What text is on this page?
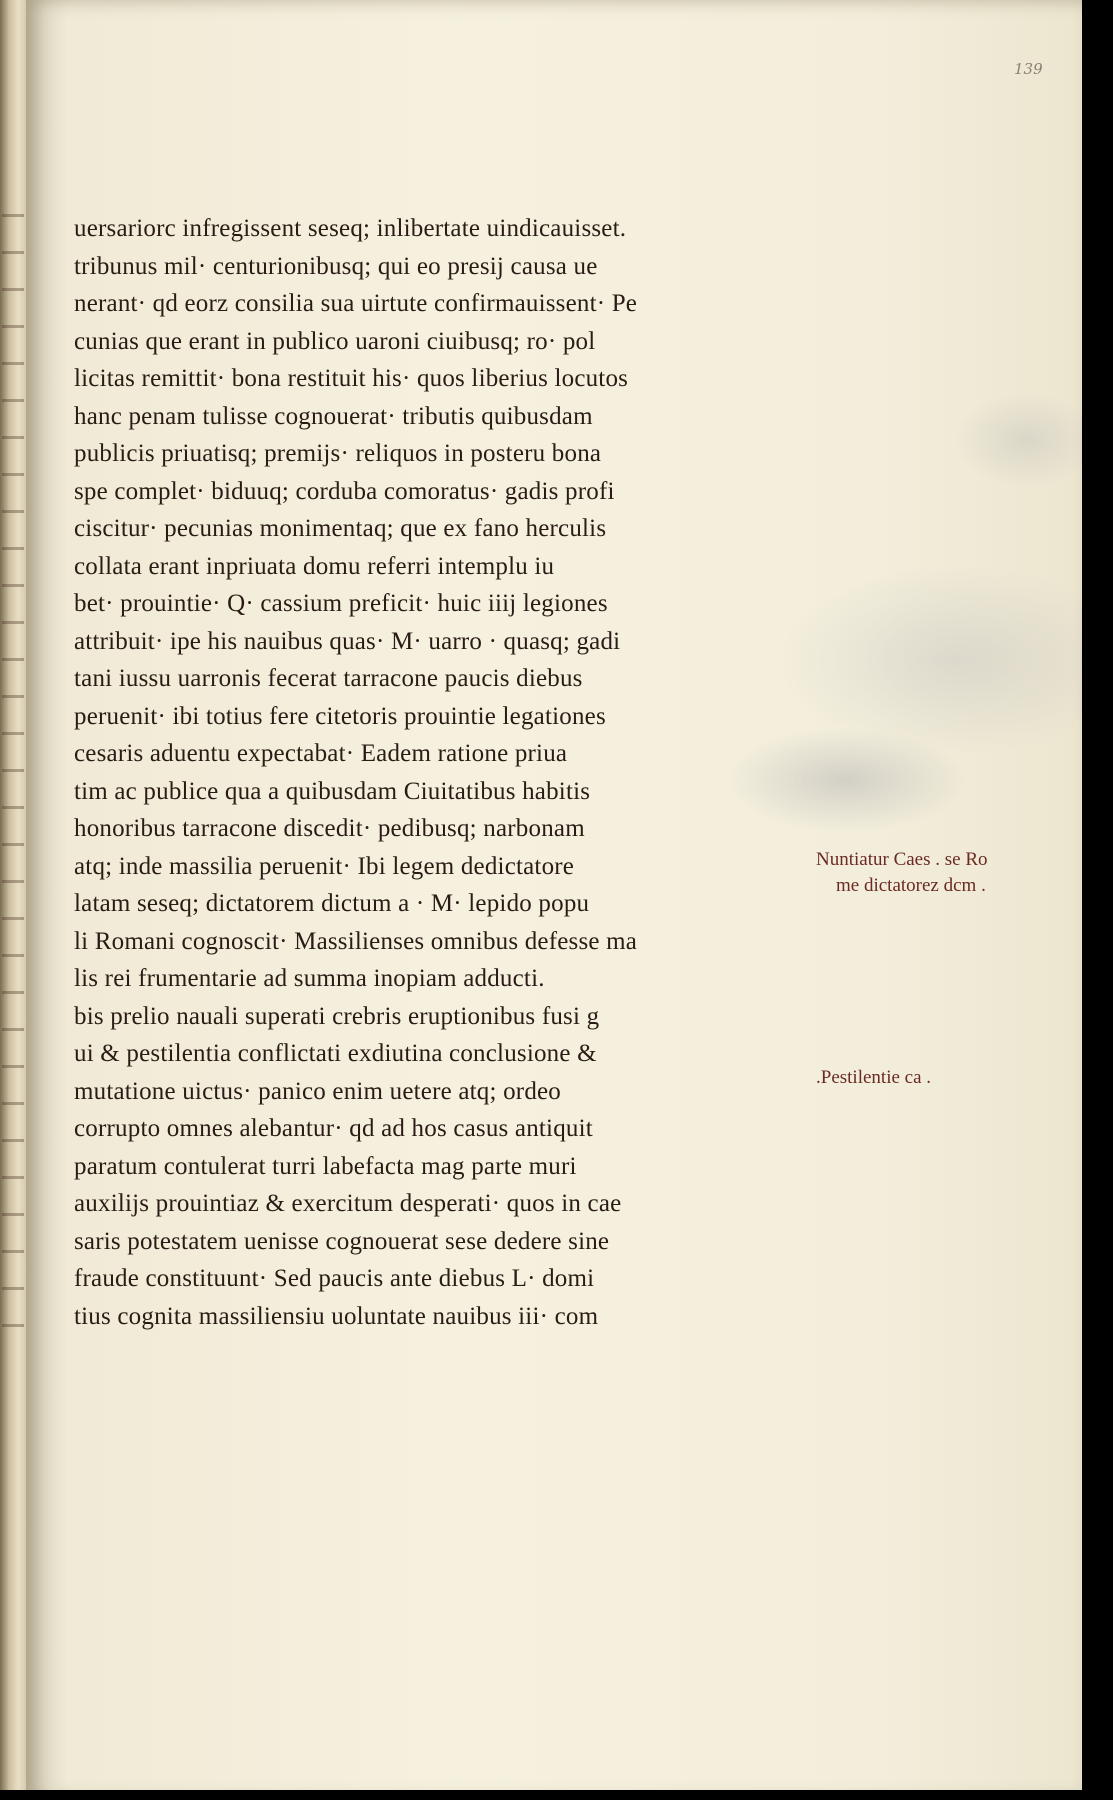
139
uersariorc infregissent seseq; inlibertate uindicauisset.
tribunus mil· centurionibusq; qui eo presij causa ue
nerant· qd eorz consilia sua uirtute confirmauissent· Pe
cunias que erant in publico uaroni ciuibusq; ro· pol
licitas remittit· bona restituit his· quos liberius locutos
hanc penam tulisse cognouerat· tributis quibusdam
publicis priuatisq; premijs· reliquos in posteru bona
spe complet· biduuq; corduba comoratus· gadis profi
ciscitur· pecunias monimentaq; que ex fano herculis
collata erant inpriuata domu referri intemplu iu
bet· prouintie· Q· cassium preficit· huic iiij legiones
attribuit· ipe his nauibus quas· M· uarro · quasq; gadi
tani iussu uarronis fecerat tarracone paucis diebus
peruenit· ibi totius fere citetoris prouintie legationes
cesaris aduentu expectabat· Eadem ratione priua
tim ac publice qua a quibusdam Ciuitatibus habitis
honoribus tarracone discedit· pedibusq; narbonam
atq; inde massilia peruenit· Ibi legem dedictatore
latam seseq; dictatorem dictum a · M· lepido popu
li Romani cognoscit· Massilienses omnibus defesse ma
lis rei frumentarie ad summa inopiam adducti.
bis prelio nauali superati crebris eruptionibus fusi g
ui & pestilentia conflictati exdiutina conclusione &
mutatione uictus· panico enim uetere atq; ordeo
corrupto omnes alebantur· qd ad hos casus antiquit
paratum contulerat turri labefacta mag parte muri
auxilijs prouintiaz & exercitum desperati· quos in cae
saris potestatem uenisse cognouerat sese dedere sine
fraude constituunt· Sed paucis ante diebus L· domi
tius cognita massiliensiu uoluntate nauibus iii· com
Nuntiatur Caes . se Ro
me dictatorez dcm .
.Pestilentie ca .
